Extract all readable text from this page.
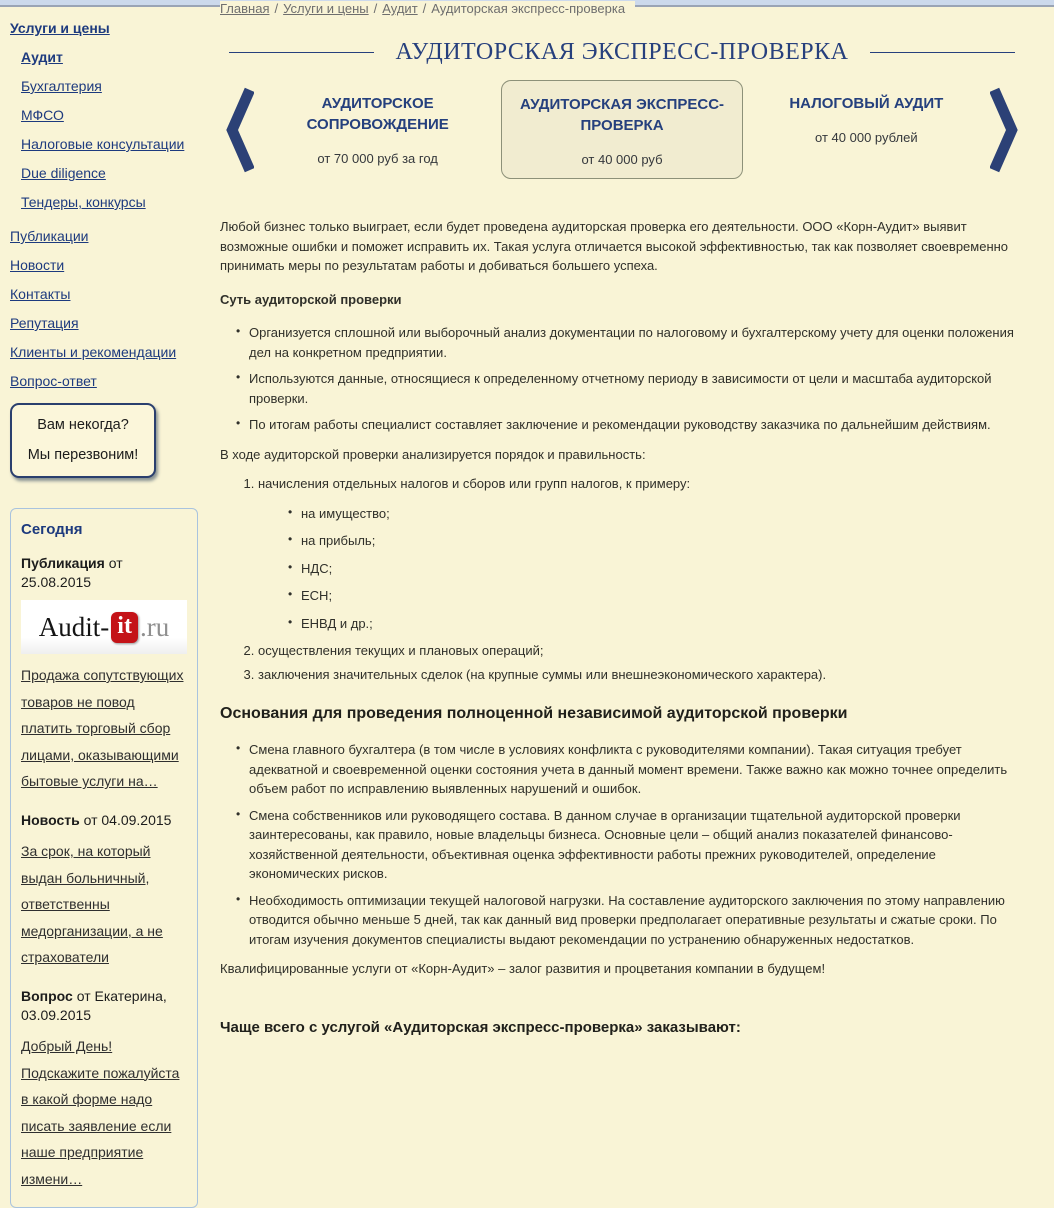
Услуги и цены
Аудит
Бухгалтерия
МФСО
Налоговые консультации
Due diligence
Тендеры, конкурсы
Публикации
Новости
Контакты
Репутация
Клиенты и рекомендации
Вопрос-ответ
Вам некогда?
Мы перезвоним!
Сегодня
Публикация от 25.08.2015
Audit- it .ru
Продажа сопутствующих товаров не повод платить торговый сбор лицами, оказывающими бытовые услуги на…
Новость от 04.09.2015
За срок, на который выдан больничный, ответственны медорганизации, а не страхователи
Вопрос от Екатерина, 03.09.2015
Добрый День! Подскажите пожалуйста в какой форме надо писать заявление если наше предприятие измени…
Главная / Услуги и цены / Аудит / Аудиторская экспресс-проверка
АУДИТОРСКАЯ ЭКСПРЕСС-ПРОВЕРКА
АУДИТОРСКОЕ СОПРОВОЖДЕНИЕ
от 70 000 руб за год
АУДИТОРСКАЯ ЭКСПРЕСС-ПРОВЕРКА
от 40 000 руб
НАЛОГОВЫЙ АУДИТ
от 40 000 рублей

Любой бизнес только выиграет, если будет проведена аудиторская проверка его деятельности. ООО «Корн-Аудит» выявит возможные ошибки и поможет исправить их. Такая услуга отличается высокой эффективностью, так как позволяет своевременно принимать меры по результатам работы и добиваться большего успеха.

Суть аудиторской проверки
• Организуется сплошной или выборочный анализ документации по налоговому и бухгалтерскому учету для оценки положения дел на конкретном предприятии.
• Используются данные, относящиеся к определенному отчетному периоду в зависимости от цели и масштаба аудиторской проверки.
• По итогам работы специалист составляет заключение и рекомендации руководству заказчика по дальнейшим действиям.

В ходе аудиторской проверки анализируется порядок и правильность:

1. начисления отдельных налогов и сборов или групп налогов, к примеру:
• на имущество;
• на прибыль;
• НДС;
• ЕСН;
• ЕНВД и др.;
2. осуществления текущих и плановых операций;
3. заключения значительных сделок (на крупные суммы или внешнеэкономического характера).
Основания для проведения полноценной независимой аудиторской проверки
• Смена главного бухгалтера (в том числе в условиях конфликта с руководителями компании). Такая ситуация требует адекватной и своевременной оценки состояния учета в данный момент времени. Также важно как можно точнее определить объем работ по исправлению выявленных нарушений и ошибок.
• Смена собственников или руководящего состава. В данном случае в организации тщательной аудиторской проверки заинтересованы, как правило, новые владельцы бизнеса. Основные цели – общий анализ показателей финансово-хозяйственной деятельности, объективная оценка эффективности работы прежних руководителей, определение экономических рисков.
• Необходимость оптимизации текущей налоговой нагрузки. На составление аудиторского заключения по этому направлению отводится обычно меньше 5 дней, так как данный вид проверки предполагает оперативные результаты и сжатые сроки. По итогам изучения документов специалисты выдают рекомендации по устранению обнаруженных недостатков.

Квалифицированные услуги от «Корн-Аудит» – залог развития и процветания компании в будущем!

Чаще всего с услугой «Аудиторская экспресс-проверка» заказывают:
